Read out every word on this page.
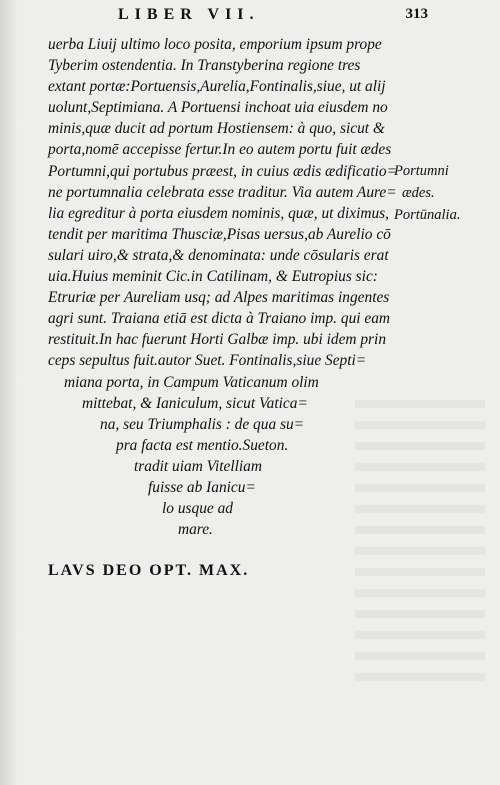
LIBER VII.	313
uerba Liuij ultimo loco posita, emporium ipsum prope
Tyberim ostendentia. In Transtyberina regione tres
extant portæ:Portuensis,Aurelia,Fontinalis,siue, ut alij
uolunt,Septimiana. A Portuensi inchoat uia eiusdem no
minis,quæ ducit ad portum Hostiensem: à quo, sicut &
porta,nomē accepisse fertur.In eo autem portu fuit ædes
Portumni,qui portubus præest, in cuius ædis ædificatio=
ne portumnalia celebrata esse traditur. Via autem Aure=
lia egreditur à porta eiusdem nominis, quæ, ut diximus,
tendit per maritima Thusciæ,Pisas uersus,ab Aurelio cō
sulari uiro,& strata,& denominata: unde cōsularis erat
uia.Huius meminit Cic.in Catilinam, & Eutropius sic:
Etruriæ per Aureliam usq; ad Alpes maritimas ingentes
agri sunt. Traiana etiā est dicta à Traiano imp. qui eam
restituit.In hac fuerunt Horti Galbæ imp. ubi idem prin
ceps sepultus fuit.autor Suet. Fontinalis,siue Septi=
miana porta, in Campum Vaticanum olim
mittebat, & Ianiculum, sicut Vatica=
na, seu Triumphalis : de qua su=
pra facta est mentio.Sueton.
tradit uiam Vitelliam
fuisse ab Ianicu=
lo usque ad
mare.
Portumni
ædes.
Portūnalia.
LAVS DEO OPT. MAX.
